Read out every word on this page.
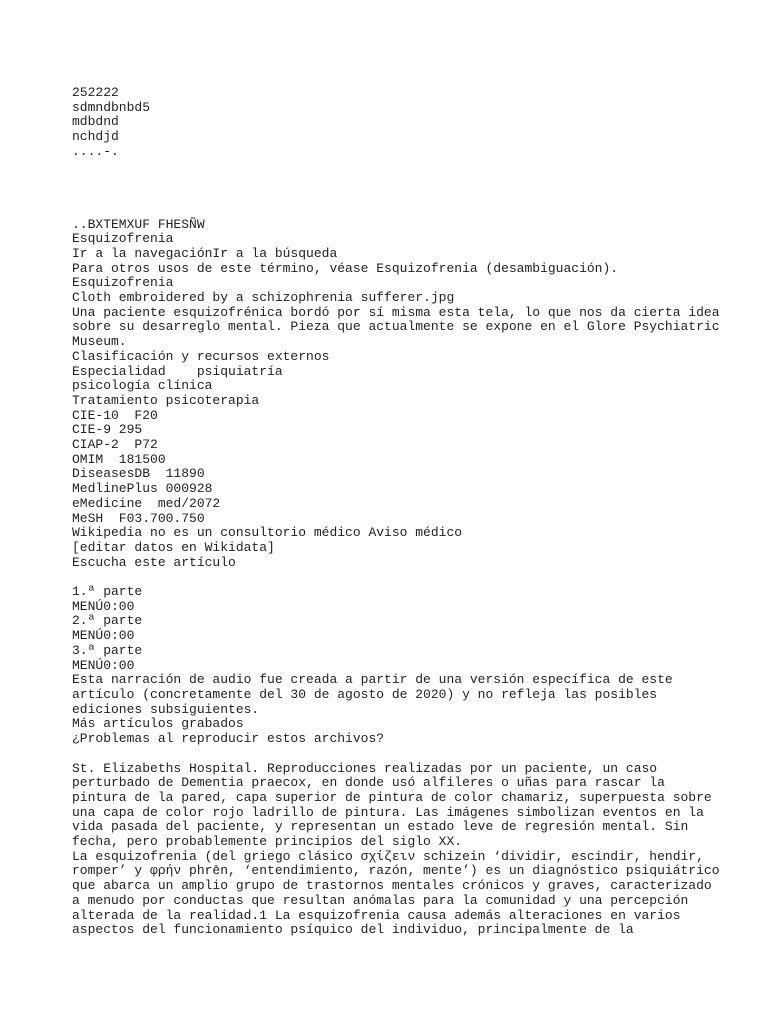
252222
sdmndbnbd5
mdbdnd
nchdjd
....-.
..BXTEMXUF FHESÑW
Esquizofrenia
Ir a la navegaciónIr a la búsqueda
Para otros usos de este término, véase Esquizofrenia (desambiguación).
Esquizofrenia
Cloth embroidered by a schizophrenia sufferer.jpg
Una paciente esquizofrénica bordó por sí misma esta tela, lo que nos da cierta idea
sobre su desarreglo mental. Pieza que actualmente se expone en el Glore Psychiatric
Museum.
Clasificación y recursos externos
Especialidad	psiquiatría
psicología clínica
Tratamiento psicoterapia
CIE-10	F20
CIE-9 295
CIAP-2	P72
OMIM  181500
DiseasesDB  11890
MedlinePlus 000928
eMedicine  med/2072
MeSH  F03.700.750
Wikipedia no es un consultorio médico Aviso médico
[editar datos en Wikidata]
Escucha este artículo
1.ª parte
MENÚ0:00
2.ª parte
MENÚ0:00
3.ª parte
MENÚ0:00
Esta narración de audio fue creada a partir de una versión específica de este
artículo (concretamente del 30 de agosto de 2020) y no refleja las posibles
ediciones subsiguientes.
Más artículos grabados
¿Problemas al reproducir estos archivos?
St. Elizabeths Hospital. Reproducciones realizadas por un paciente, un caso
perturbado de Dementia praecox, en donde usó alfileres o uñas para rascar la
pintura de la pared, capa superior de pintura de color chamariz, superpuesta sobre
una capa de color rojo ladrillo de pintura. Las imágenes simbolizan eventos en la
vida pasada del paciente, y representan un estado leve de regresión mental. Sin
fecha, pero probablemente principios del siglo XX.
La esquizofrenia (del griego clásico σχίζειν schizein ‘dividir, escindir, hendir,
romper’ y φρήν phrēn, ‘entendimiento, razón, mente’) es un diagnóstico psiquiátrico
que abarca un amplio grupo de trastornos mentales crónicos y graves, caracterizado
a menudo por conductas que resultan anómalas para la comunidad y una percepción
alterada de la realidad.1 La esquizofrenia causa además alteraciones en varios
aspectos del funcionamiento psíquico del individuo, principalmente de la
